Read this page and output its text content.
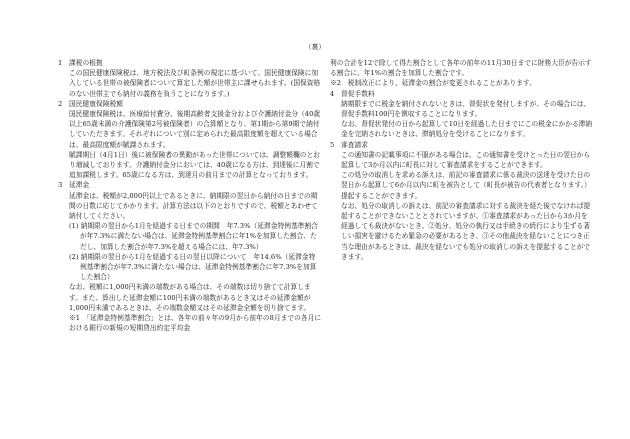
（裏）

1　課税の根拠

この国民健康保険税は、地方税法及び町条例の規定に基づいて、国民健康保険に加入している世帯の被保険者について算定した額が世帯主に課せられます。(国保資格のない世帯主でも納付の義務を負うことになります。)

2　国民健康保険税額

国民健康保険税は、医療給付費分、後期高齢者支援金分および介護納付金分（40歳以上65歳未満の介護保険第2号被保険者）の合算額となり、第1期から第9期で納付していただきます。それぞれについて別に定められた最高限度額を超えている場合は、最高限度額が賦課されます。

賦課期日（4月1日）後に被保険者の異動があった世帯については、調整額欄のとおり増減しております。介護納付金分においては、40歳になる方は、到達後に月割で追加課税します。65歳になる方は、到達月の前月までの計算となっております。

3　延滞金

延滞金は、税額が2,000円以上であるときに、納期限の翌日から納付の日までの期間の日数に応じてかかります。計算方法は以下のとおりですので、税額とあわせて納付してください。

(1) 納期限の翌日から1月を経過する日までの期間　年7.3%（延滞金特例基準割合が年7.3%に満たない場合は、延滞金特例基準割合に年1%を加算した割合、ただし、加算した割合が年7.3%を超える場合には、年7.3%）

(2) 納期限の翌日から1月を経過する日の翌日以降について　年14.6%（延滞金特例基準割合が年7.3%に満たない場合は、延滞金特例基準割合に年7.3%を加算した割合）

なお、税額に1,000円未満の端数がある場合は、その端数は切り捨てて計算します。また、算出した延滞金額に100円未満の端数があるとき又はその延滞金額が1,000円未満であるときは、その端数金額又はその延滞金全額を切り捨てます。

※1　「延滞金特例基準割合」とは、各年の前々年の9月から前年の8月までの各月における銀行の新規の短期貸出約定平均金

利の合計を12で除して得た割合として各年の前年の11月30日までに財務大臣が告示する割合に、年1%の割合を加算した割合です。

※2　税制改正により、延滞金の割合が変更されることがあります。

4　督促手数料

納期限までに税金を納付されないときは、督促状を発付しますが、その場合には、督促手数料100円を徴収することになります。

なお、督促状発付の日から起算して10日を経過した日までにこの税金にかかる滞納金を完納されないときは、滞納処分を受けることになります。

5　審査請求

この通知書の記載事項に不服がある場合は、この通知書を受けとった日の翌日から起算して3か月以内に町長に対して審査請求をすることができます。

この処分の取消しを求める訴えは、前記の審査請求に係る裁決の送達を受けた日の翌日から起算して6か月以内に町を被告として（町長が被告の代表者となります。）提起することができます。

なお、処分の取消しの訴えは、前記の審査請求に対する裁決を経た後でなければ提起することができないこととされていますが、①審査請求があった日から3か月を経過しても裁決がないとき、②処分、処分の執行又は手続きの続行により生ずる著しい損害を避けるため緊急の必要があるとき、③その他裁決を経ないことにつき正当な理由があるときは、裁決を経ないでも処分の取消しの訴えを提起することができます。
